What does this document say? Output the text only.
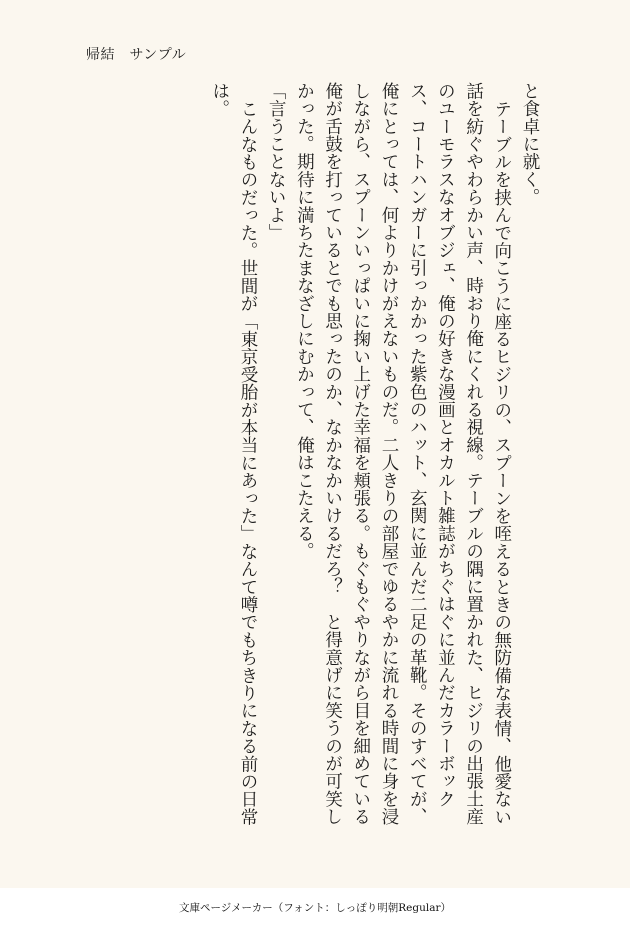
帰結　サンプル

と食卓に就く。

テーブルを挟んで向こうに座るヒジリの、スプーンを咥えるときの無防備な表情、他愛ない話を紡ぐやわらかい声、時おり俺にくれる視線。テーブルの隅に置かれた、ヒジリの出張土産のユーモラスなオブジェ、俺の好きな漫画とオカルト雑誌がちぐはぐに並んだカラーボックス、コートハンガーに引っかかった紫色のハット、玄関に並んだ二足の革靴。そのすべてが、俺にとっては、何よりかけがえないものだ。二人きりの部屋でゆるやかに流れる時間に身を浸しながら、スプーンいっぱいに掬い上げた幸福を頬張る。もぐもぐやりながら目を細めている俺が舌鼓を打っているとでも思ったのか、なかなかいけるだろ？　と得意げに笑うのが可笑しかった。期待に満ちたまなざしにむかって、俺はこたえる。

「言うことないよ」

こんなものだった。世間が「東京受胎が本当にあった」なんて噂でもちきりになる前の日常は。

文庫ページメーカー（フォント：しっぽり明朝Regular）
